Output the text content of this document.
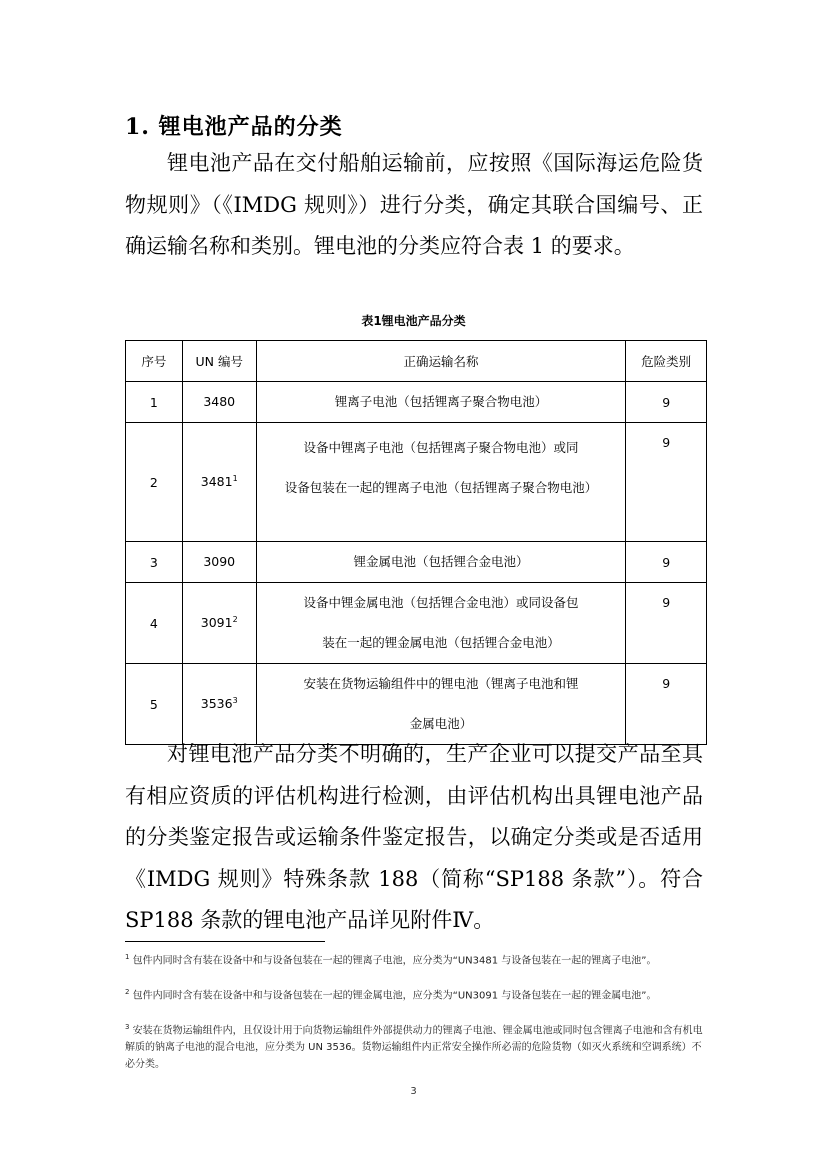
1. 锂电池产品的分类

锂电池产品在交付船舶运输前，应按照《国际海运危险货物规则》（《IMDG 规则》）进行分类，确定其联合国编号、正确运输名称和类别。锂电池的分类应符合表 1 的要求。

表1锂电池产品分类
序号	UN 编号	正确运输名称	危险类别
1	3480	锂离子电池（包括锂离子聚合物电池）	9
2	3481$^1$	设备中锂离子电池（包括锂离子聚合物电池）或同
设备包装在一起的锂离子电池（包括锂离子聚合物电池）	9
3	3090	锂金属电池（包括锂合金电池）	9
4	3091$^2$	设备中锂金属电池（包括锂合金电池）或同设备包
装在一起的锂金属电池（包括锂合金电池）	9
5	3536$^3$	安装在货物运输组件中的锂电池（锂离子电池和锂
金属电池）	9

对锂电池产品分类不明确的，生产企业可以提交产品至具有相应资质的评估机构进行检测，由评估机构出具锂电池产品的分类鉴定报告或运输条件鉴定报告，以确定分类或是否适用《IMDG 规则》特殊条款 188（简称“SP188 条款”）。符合 SP188 条款的锂电池产品详见附件Ⅳ。

$^1$ 包件内同时含有装在设备中和与设备包装在一起的锂离子电池，应分类为“UN3481 与设备包装在一起的锂离子电池”。

$^2$ 包件内同时含有装在设备中和与设备包装在一起的锂金属电池，应分类为“UN3091 与设备包装在一起的锂金属电池”。

$^3$ 安装在货物运输组件内，且仅设计用于向货物运输组件外部提供动力的锂离子电池、锂金属电池或同时包含锂离子电池和含有机电解质的钠离子电池的混合电池，应分类为 UN 3536。货物运输组件内正常安全操作所必需的危险货物（如灭火系统和空调系统）不必分类。

3
